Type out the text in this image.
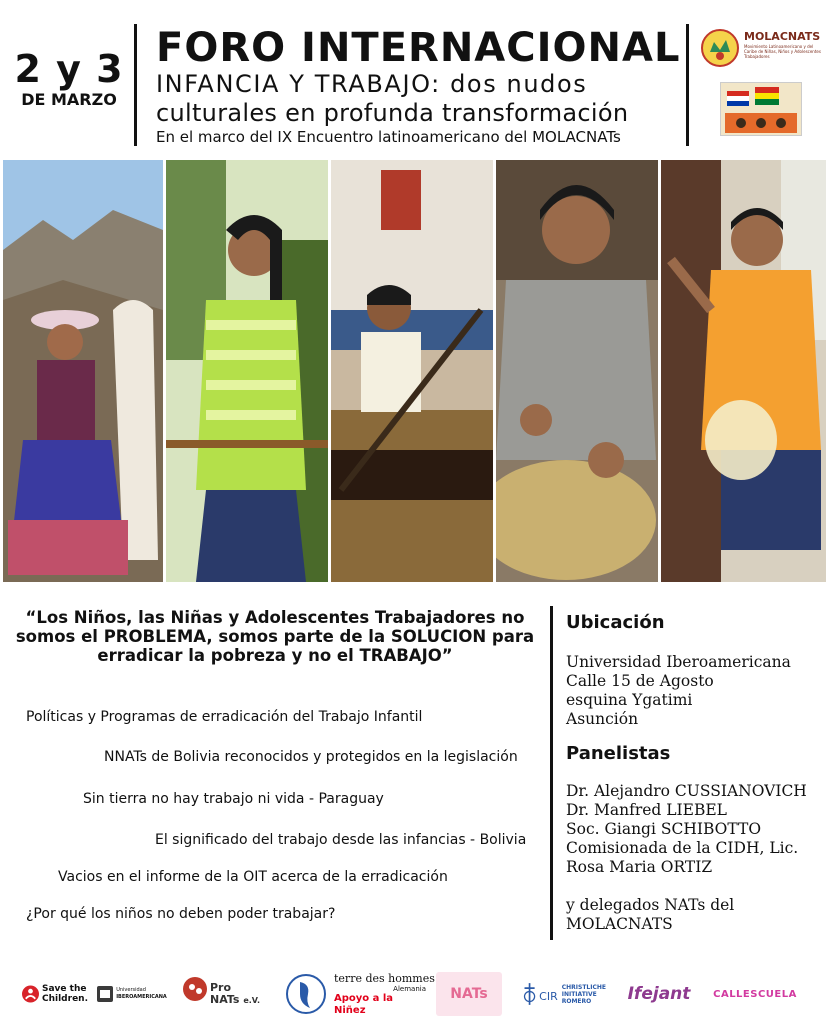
2 y 3
DE MARZO
FORO INTERNACIONAL
INFANCIA Y TRABAJO: dos nudos
culturales en profunda transformación
En el marco del IX Encuentro latinoamericano del MOLACNATs
MOLACNATS
Movimiento Latinoamericano y del Caribe de Niñas, Niños y Adolescentes Trabajadores
“Los Niños, las Niñas y Adolescentes Trabajadores no somos el PROBLEMA, somos parte de la SOLUCION para erradicar la pobreza y no el TRABAJO”
Políticas y Programas de erradicación del Trabajo Infantil
NNATs de Bolivia reconocidos y protegidos en la legislación
Sin tierra no hay trabajo ni vida - Paraguay
El significado del trabajo desde las infancias - Bolivia
Vacios en el informe de la OIT acerca de la erradicación
¿Por qué los niños no deben poder trabajar?
Ubicación
Universidad Iberoamericana
Calle 15 de Agosto
esquina Ygatimi
Asunción
Panelistas
Dr. Alejandro CUSSIANOVICH
Dr. Manfred LIEBEL
Soc. Giangi SCHIBOTTO
Comisionada de la CIDH, Lic.
Rosa Maria ORTIZ
y delegados NATs del
MOLACNATS
Save the
Children.
Universidad
IBEROAMERICANA
Pro
NATs e.V.
terre des hommes
Alemania
Apoyo a la Niñez
NATs	CIR
CHRISTLICHE
INITIATIVE
ROMERO	Ifejant CALLESCUELA
